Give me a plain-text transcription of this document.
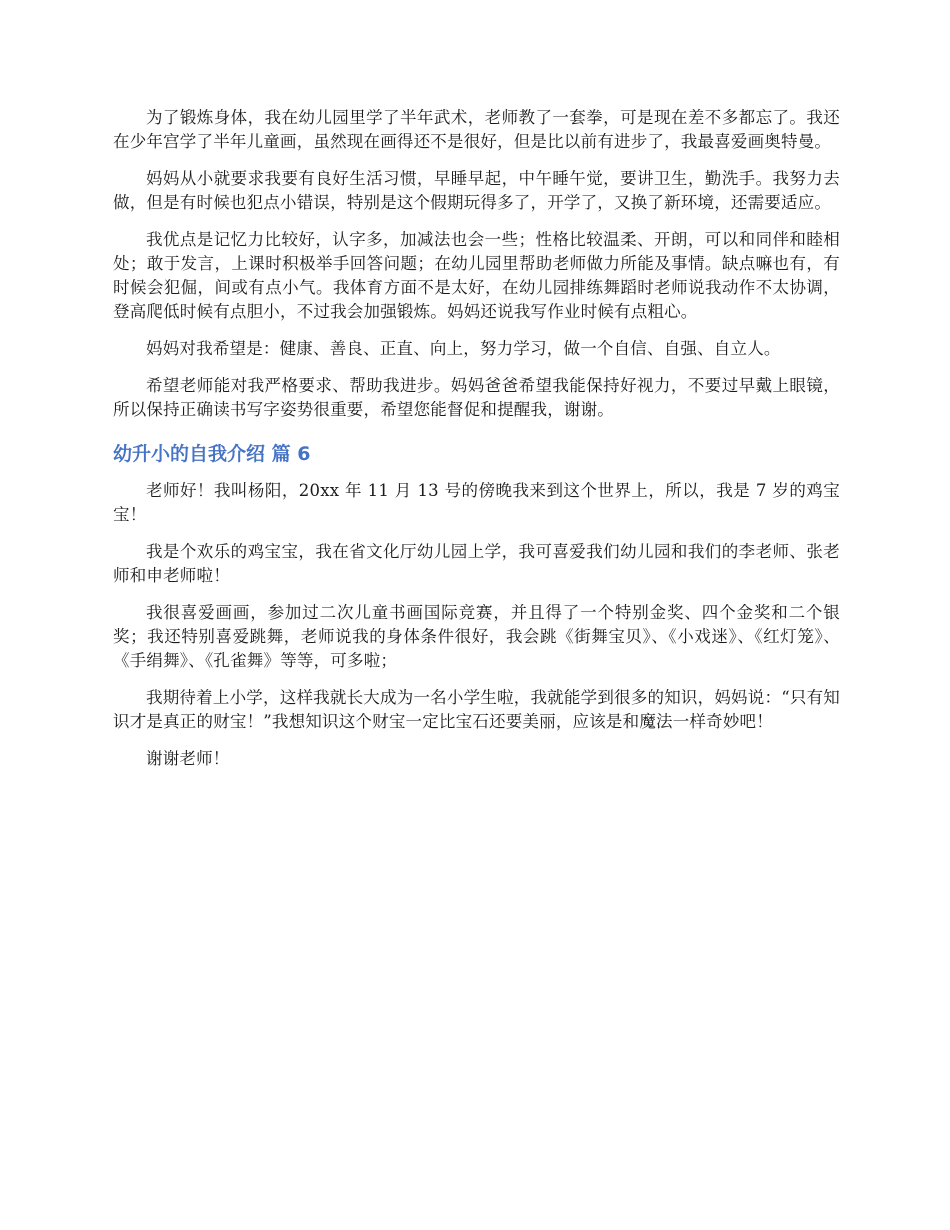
为了锻炼身体，我在幼儿园里学了半年武术，老师教了一套拳，可是现在差不多都忘了。我还在少年宫学了半年儿童画，虽然现在画得还不是很好，但是比以前有进步了，我最喜爱画奥特曼。

妈妈从小就要求我要有良好生活习惯，早睡早起，中午睡午觉，要讲卫生，勤洗手。我努力去做，但是有时候也犯点小错误，特别是这个假期玩得多了，开学了，又换了新环境，还需要适应。

我优点是记忆力比较好，认字多，加减法也会一些；性格比较温柔、开朗，可以和同伴和睦相处；敢于发言，上课时积极举手回答问题；在幼儿园里帮助老师做力所能及事情。缺点嘛也有，有时候会犯倔，间或有点小气。我体育方面不是太好，在幼儿园排练舞蹈时老师说我动作不太协调，登高爬低时候有点胆小，不过我会加强锻炼。妈妈还说我写作业时候有点粗心。

妈妈对我希望是：健康、善良、正直、向上，努力学习，做一个自信、自强、自立人。

希望老师能对我严格要求、帮助我进步。妈妈爸爸希望我能保持好视力，不要过早戴上眼镜，所以保持正确读书写字姿势很重要，希望您能督促和提醒我，谢谢。

幼升小的自我介绍 篇 6

老师好！我叫杨阳，20xx 年 11 月 13 号的傍晚我来到这个世界上，所以，我是 7 岁的鸡宝宝！

我是个欢乐的鸡宝宝，我在省文化厅幼儿园上学，我可喜爱我们幼儿园和我们的李老师、张老师和申老师啦！

我很喜爱画画，参加过二次儿童书画国际竞赛，并且得了一个特别金奖、四个金奖和二个银奖；我还特别喜爱跳舞，老师说我的身体条件很好，我会跳《街舞宝贝》、《小戏迷》、《红灯笼》、《手绢舞》、《孔雀舞》等等，可多啦；

我期待着上小学，这样我就长大成为一名小学生啦，我就能学到很多的知识，妈妈说：“只有知识才是真正的财宝！”我想知识这个财宝一定比宝石还要美丽，应该是和魔法一样奇妙吧！

谢谢老师！
